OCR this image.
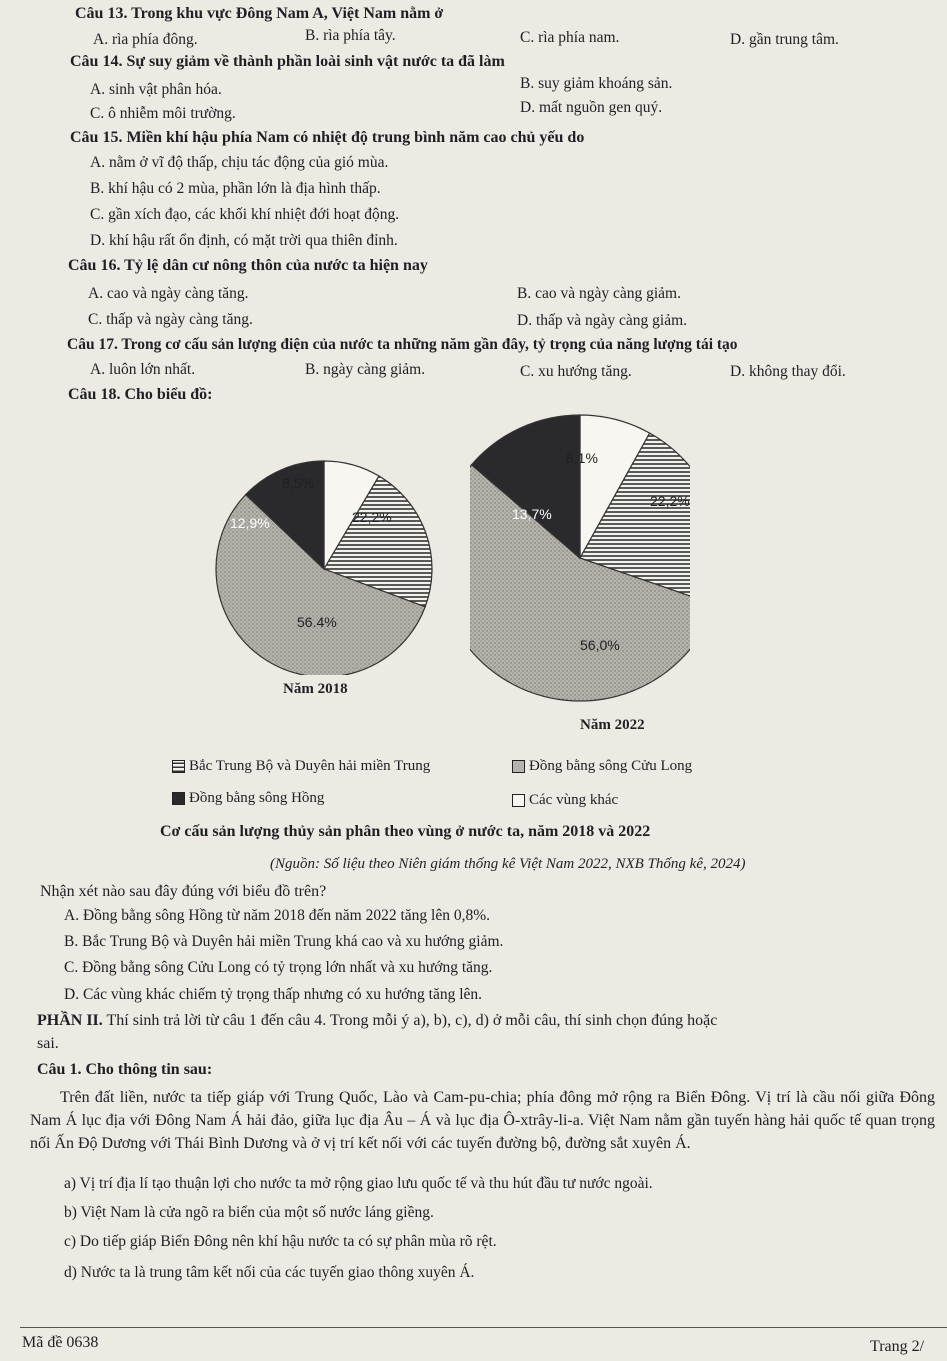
Câu 13. Trong khu vực Đông Nam A, Việt Nam nằm ở
A. rìa phía đông.	B. rìa phía tây.	C. rìa phía nam.	D. gần trung tâm.
Câu 14. Sự suy giảm về thành phần loài sinh vật nước ta đã làm
A. sinh vật phân hóa.	B. suy giảm khoáng sản.
C. ô nhiễm môi trường.	D. mất nguồn gen quý.
Câu 15. Miền khí hậu phía Nam có nhiệt độ trung bình năm cao chủ yếu do
A. nằm ở vĩ độ thấp, chịu tác động của gió mùa.
B. khí hậu có 2 mùa, phần lớn là địa hình thấp.
C. gần xích đạo, các khối khí nhiệt đới hoạt động.
D. khí hậu rất ổn định, có mặt trời qua thiên đỉnh.
Câu 16. Tỷ lệ dân cư nông thôn của nước ta hiện nay
A. cao và ngày càng tăng.	B. cao và ngày càng giảm.
C. thấp và ngày càng tăng.	D. thấp và ngày càng giảm.
Câu 17. Trong cơ cấu sản lượng điện của nước ta những năm gần đây, tỷ trọng của năng lượng tái tạo
A. luôn lớn nhất.	B. ngày càng giảm.	C. xu hướng tăng.	D. không thay đổi.
Câu 18. Cho biểu đồ:
8,5%
22,2%
12,9%
56.4%
Năm 2018
8,1%
22,2%
13,7%
56,0%
Năm 2022
Bắc Trung Bộ và Duyên hải miền Trung	Đồng bằng sông Cửu Long
Đồng bằng sông Hồng	Các vùng khác
Cơ cấu sản lượng thủy sản phân theo vùng ở nước ta, năm 2018 và 2022
(Nguồn: Số liệu theo Niên giám thống kê Việt Nam 2022, NXB Thống kê, 2024)
Nhận xét nào sau đây đúng với biểu đồ trên?
A. Đồng bằng sông Hồng từ năm 2018 đến năm 2022 tăng lên 0,8%.
B. Bắc Trung Bộ và Duyên hải miền Trung khá cao và xu hướng giảm.
C. Đồng bằng sông Cửu Long có tỷ trọng lớn nhất và xu hướng tăng.
D. Các vùng khác chiếm tỷ trọng thấp nhưng có xu hướng tăng lên.
PHẦN II. Thí sinh trả lời từ câu 1 đến câu 4. Trong mỗi ý a), b), c), d) ở mỗi câu, thí sinh chọn đúng hoặc
sai.
Câu 1. Cho thông tin sau:
Trên đất liền, nước ta tiếp giáp với Trung Quốc, Lào và Cam-pu-chia; phía đông mở rộng ra Biển Đông. Vị trí là cầu nối giữa Đông Nam Á lục địa với Đông Nam Á hải đảo, giữa lục địa Âu – Á và lục địa Ô-xtrây-li-a. Việt Nam nằm gần tuyến hàng hải quốc tế quan trọng nối Ấn Độ Dương với Thái Bình Dương và ở vị trí kết nối với các tuyến đường bộ, đường sắt xuyên Á.
a) Vị trí địa lí tạo thuận lợi cho nước ta mở rộng giao lưu quốc tế và thu hút đầu tư nước ngoài.
b) Việt Nam là cửa ngõ ra biển của một số nước láng giềng.
c) Do tiếp giáp Biển Đông nên khí hậu nước ta có sự phân mùa rõ rệt.
d) Nước ta là trung tâm kết nối của các tuyến giao thông xuyên Á.
Mã đề 0638	Trang 2/
